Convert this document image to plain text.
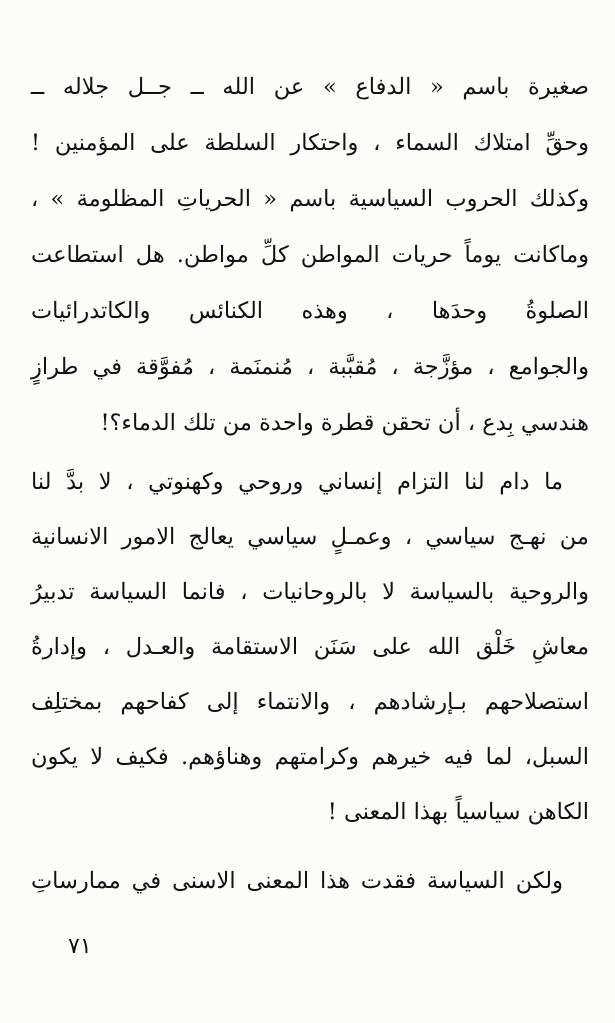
صغيرة باسم « الدفاع » عن الله ــ جــل جلاله ــ
وحقِّ امتلاك السماء ، واحتكار السلطة على المؤمنين !
وكذلك الحروب السياسية باسم « الحرياتِ المظلومة » ،
وماكانت يوماً حريات المواطن كلِّ مواطن. هل استطاعت
الصلوةُ وحدَها ، وهذه الكنائس والكاتدرائيات
والجوامع ، مؤزَّجة ، مُقبَّبة ، مُنمنَمة ، مُفوَّقة في طرازٍ
هندسي بِدع ، أن تحقن قطرة واحدة من تلك الدماء؟!
ما دام لنا التزام إنساني وروحي وكهنوتي ، لا بدَّ لنا
من نهـج سياسي ، وعمـلٍ سياسي يعالج الامور الانسانية
والروحية بالسياسة لا بالروحانيات ، فانما السياسة تدبيرُ
معاشِ خَلْق الله على سَنَن الاستقامة والعـدل ، وإدارةُ
استصلاحهم بـإرشادهم ، والانتماء إلى كفاحهم بمختلِف
السبل، لما فيه خيرهم وكرامتهم وهناؤهم. فكيف لا يكون
الكاهن سياسياً بهذا المعنى !
ولكن السياسة فقدت هذا المعنى الاسنى في ممارساتِ
٧١
